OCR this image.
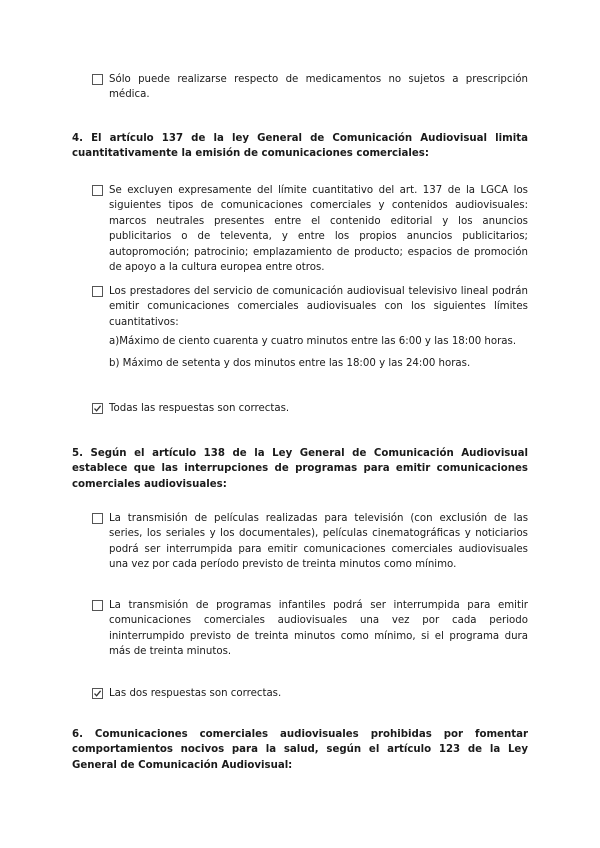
Sólo puede realizarse respecto de medicamentos no sujetos a prescripción médica.
4. El artículo 137 de la ley General de Comunicación Audiovisual limita cuantitativamente la emisión de comunicaciones comerciales:
Se excluyen expresamente del límite cuantitativo del art. 137 de la LGCA los siguientes tipos de comunicaciones comerciales y contenidos audiovisuales: marcos neutrales presentes entre el contenido editorial y los anuncios publicitarios o de televenta, y entre los propios anuncios publicitarios; autopromoción; patrocinio; emplazamiento de producto; espacios de promoción de apoyo a la cultura europea entre otros.
Los prestadores del servicio de comunicación audiovisual televisivo lineal podrán emitir comunicaciones comerciales audiovisuales con los siguientes límites cuantitativos:
a)Máximo de ciento cuarenta y cuatro minutos entre las 6:00 y las 18:00 horas.
b) Máximo de setenta y dos minutos entre las 18:00 y las 24:00 horas.
Todas las respuestas son correctas.
5. Según el artículo 138 de la Ley General de Comunicación Audiovisual establece que las interrupciones de programas para emitir comunicaciones comerciales audiovisuales:
La transmisión de películas realizadas para televisión (con exclusión de las series, los seriales y los documentales), películas cinematográficas y noticiarios podrá ser interrumpida para emitir comunicaciones comerciales audiovisuales una vez por cada período previsto de treinta minutos como mínimo.
La transmisión de programas infantiles podrá ser interrumpida para emitir comunicaciones comerciales audiovisuales una vez por cada periodo ininterrumpido previsto de treinta minutos como mínimo, si el programa dura más de treinta minutos.
Las dos respuestas son correctas.
6. Comunicaciones comerciales audiovisuales prohibidas por fomentar comportamientos nocivos para la salud, según el artículo 123 de la Ley General de Comunicación Audiovisual:
